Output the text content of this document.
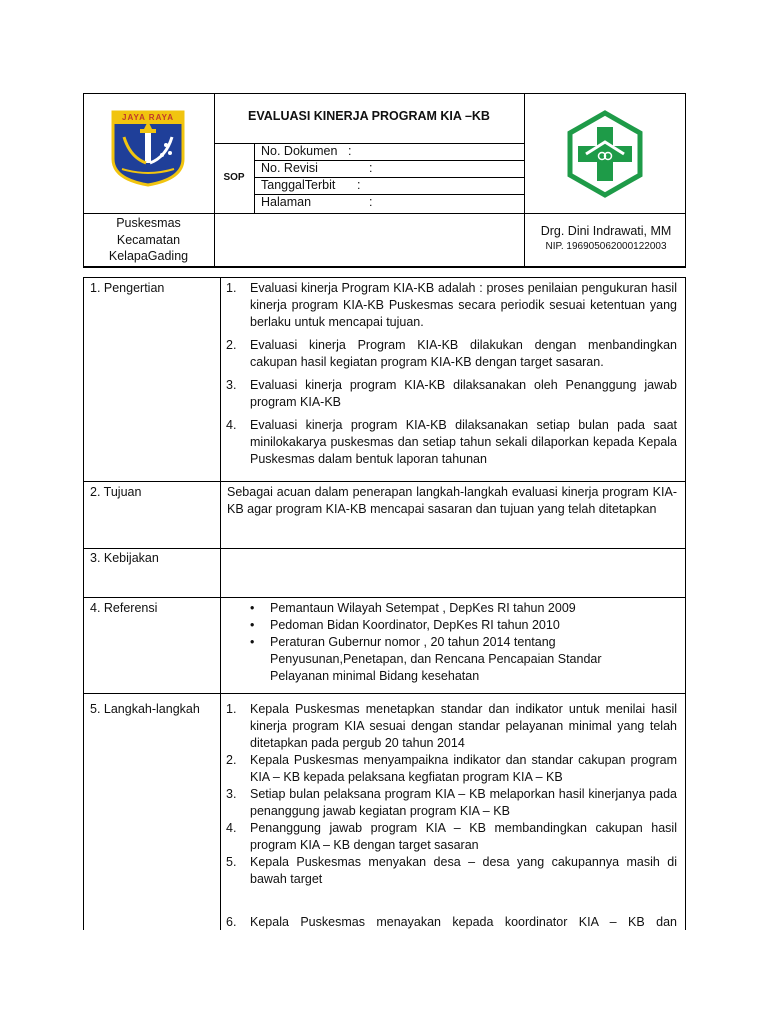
JAYA RAYA	EVALUASI KINERJA PROGRAM KIA –KB
SOP
No. Dokumen :
No. Revisi	:
TanggalTerbit :
Halaman	:
Puskesmas
Kecamatan
KelapaGading
Drg. Dini Indrawati, MM
NIP. 196905062000122003
1. Pengertian	1. Evaluasi kinerja Program KIA-KB adalah : proses penilaian pengukuran hasil kinerja program KIA-KB Puskesmas secara periodik sesuai ketentuan yang berlaku untuk mencapai tujuan.
2. Evaluasi kinerja Program KIA-KB dilakukan dengan menbandingkan cakupan hasil kegiatan program KIA-KB dengan target sasaran.
3. Evaluasi kinerja program KIA-KB dilaksanakan oleh Penanggung jawab program KIA-KB
4. Evaluasi kinerja program KIA-KB dilaksanakan setiap bulan pada saat minilokakarya puskesmas dan setiap tahun sekali dilaporkan kepada Kepala Puskesmas dalam bentuk laporan tahunan
2. Tujuan	Sebagai acuan dalam penerapan langkah-langkah evaluasi kinerja program KIA-KB agar program KIA-KB mencapai sasaran dan tujuan yang telah ditetapkan
3. Kebijakan
4. Referensi	• Pemantaun Wilayah Setempat , DepKes RI tahun 2009
• Pedoman Bidan Koordinator, DepKes RI tahun 2010
• Peraturan Gubernur nomor , 20 tahun 2014 tentang Penyusunan,Penetapan, dan Rencana Pencapaian Standar Pelayanan minimal Bidang kesehatan
5. Langkah-langkah 1. Kepala Puskesmas menetapkan standar dan indikator untuk menilai hasil kinerja program KIA sesuai dengan standar pelayanan minimal yang telah ditetapkan pada pergub 20 tahun 2014
2. Kepala Puskesmas menyampaikna indikator dan standar cakupan program KIA – KB kepada pelaksana kegfiatan program KIA – KB
3. Setiap bulan pelaksana program KIA – KB melaporkan hasil kinerjanya pada penanggung jawab kegiatan program KIA – KB
4. Penanggung jawab program KIA – KB membandingkan cakupan hasil program KIA – KB dengan target sasaran
5. Kepala Puskesmas menyakan desa – desa yang cakupannya masih di bawah target
6. Kepala Puskesmas menayakan kepada koordinator KIA – KB dan
